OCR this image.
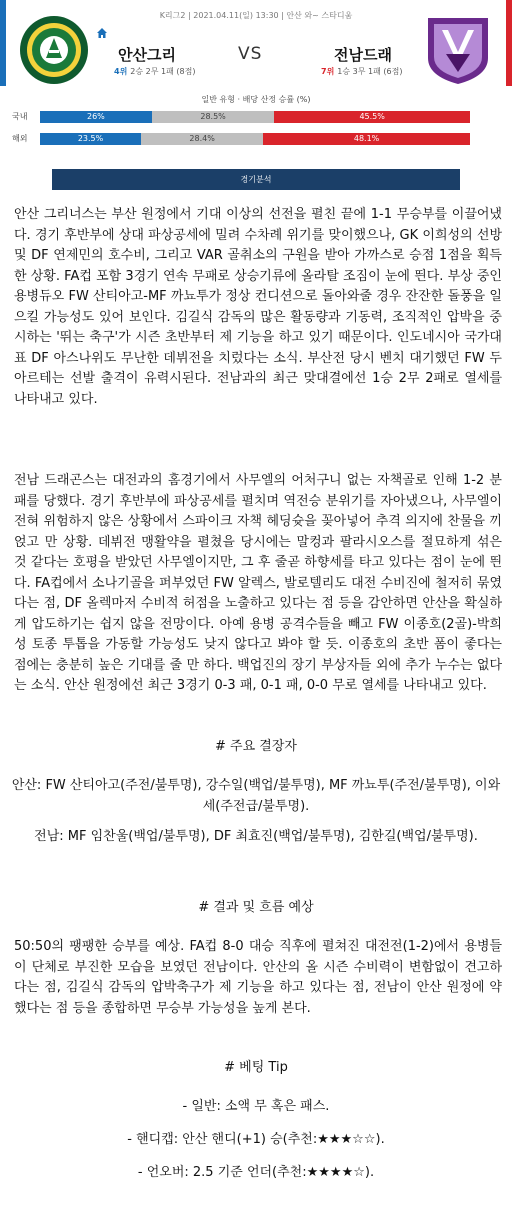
K리그2 | 2021.04.11(일) 13:30 | 안산 와~ 스타디움
안산그리	VS	전남드래
4위 2승 2무 1패 (8점)	7위 1승 3무 1패 (6점)
일반 유형 · 배당 산정 승률 (%)
국내	26%	28.5%	45.5%
해외	23.5%	28.4%	48.1%
경기분석

안산 그리너스는 부산 원정에서 기대 이상의 선전을 펼친 끝에 1-1 무승부를 이끌어냈다. 경기 후반부에 상대 파상공세에 밀려 수차례 위기를 맞이했으나, GK 이희성의 선방 및 DF 연제민의 호수비, 그리고 VAR 골취소의 구원을 받아 가까스로 승점 1점을 획득한 상황. FA컵 포함 3경기 연속 무패로 상승기류에 올라탈 조짐이 눈에 띈다. 부상 중인 용병듀오 FW 산티아고-MF 까뇨투가 정상 컨디션으로 돌아와줄 경우 잔잔한 돌풍을 일으킬 가능성도 있어 보인다. 김길식 감독의 많은 활동량과 기동력, 조직적인 압박을 중시하는 '뛰는 축구'가 시즌 초반부터 제 기능을 하고 있기 때문이다. 인도네시아 국가대표 DF 아스나위도 무난한 데뷔전을 치렀다는 소식. 부산전 당시 벤치 대기했던 FW 두아르테는 선발 출격이 유력시된다. 전남과의 최근 맞대결에선 1승 2무 2패로 열세를 나타내고 있다.

전남 드래곤스는 대전과의 홈경기에서 사무엘의 어처구니 없는 자책골로 인해 1-2 분패를 당했다. 경기 후반부에 파상공세를 펼치며 역전승 분위기를 자아냈으나, 사무엘이 전혀 위험하지 않은 상황에서 스파이크 자책 헤딩슛을 꽂아넣어 추격 의지에 찬물을 끼얹고 만 상황. 데뷔전 맹활약을 펼쳤을 당시에는 말컹과 팔라시오스를 절묘하게 섞은 것 같다는 호평을 받았던 사무엘이지만, 그 후 줄곧 하향세를 타고 있다는 점이 눈에 띈다. FA컵에서 소나기골을 퍼부었던 FW 알렉스, 발로텔리도 대전 수비진에 철저히 묶였다는 점, DF 올렉마저 수비적 허점을 노출하고 있다는 점 등을 감안하면 안산을 확실하게 압도하기는 쉽지 않을 전망이다. 아예 용병 공격수들을 빼고 FW 이종호(2골)-박희성 토종 투톱을 가동할 가능성도 낮지 않다고 봐야 할 듯. 이종호의 초반 폼이 좋다는 점에는 충분히 높은 기대를 줄 만 하다. 백업진의 장기 부상자들 외에 추가 누수는 없다는 소식. 안산 원정에선 최근 3경기 0-3 패, 0-1 패, 0-0 무로 열세를 나타내고 있다.

# 주요 결장자

안산: FW 산티아고(주전/불투명), 강수일(백업/불투명), MF 까뇨투(주전/불투명), 이와세(주전급/불투명).

전남: MF 임찬울(백업/불투명), DF 최효진(백업/불투명), 김한길(백업/불투명).

# 결과 및 흐름 예상

50:50의 팽팽한 승부를 예상. FA컵 8-0 대승 직후에 펼쳐진 대전전(1-2)에서 용병들이 단체로 부진한 모습을 보였던 전남이다. 안산의 올 시즌 수비력이 변함없이 견고하다는 점, 김길식 감독의 압박축구가 제 기능을 하고 있다는 점, 전남이 안산 원정에 약했다는 점 등을 종합하면 무승부 가능성을 높게 본다.

# 베팅 Tip
- 일반: 소액 무 혹은 패스.
- 핸디캡: 안산 핸디(+1) 승(추천:★★★☆☆).
- 언오버: 2.5 기준 언더(추천:★★★★☆).
